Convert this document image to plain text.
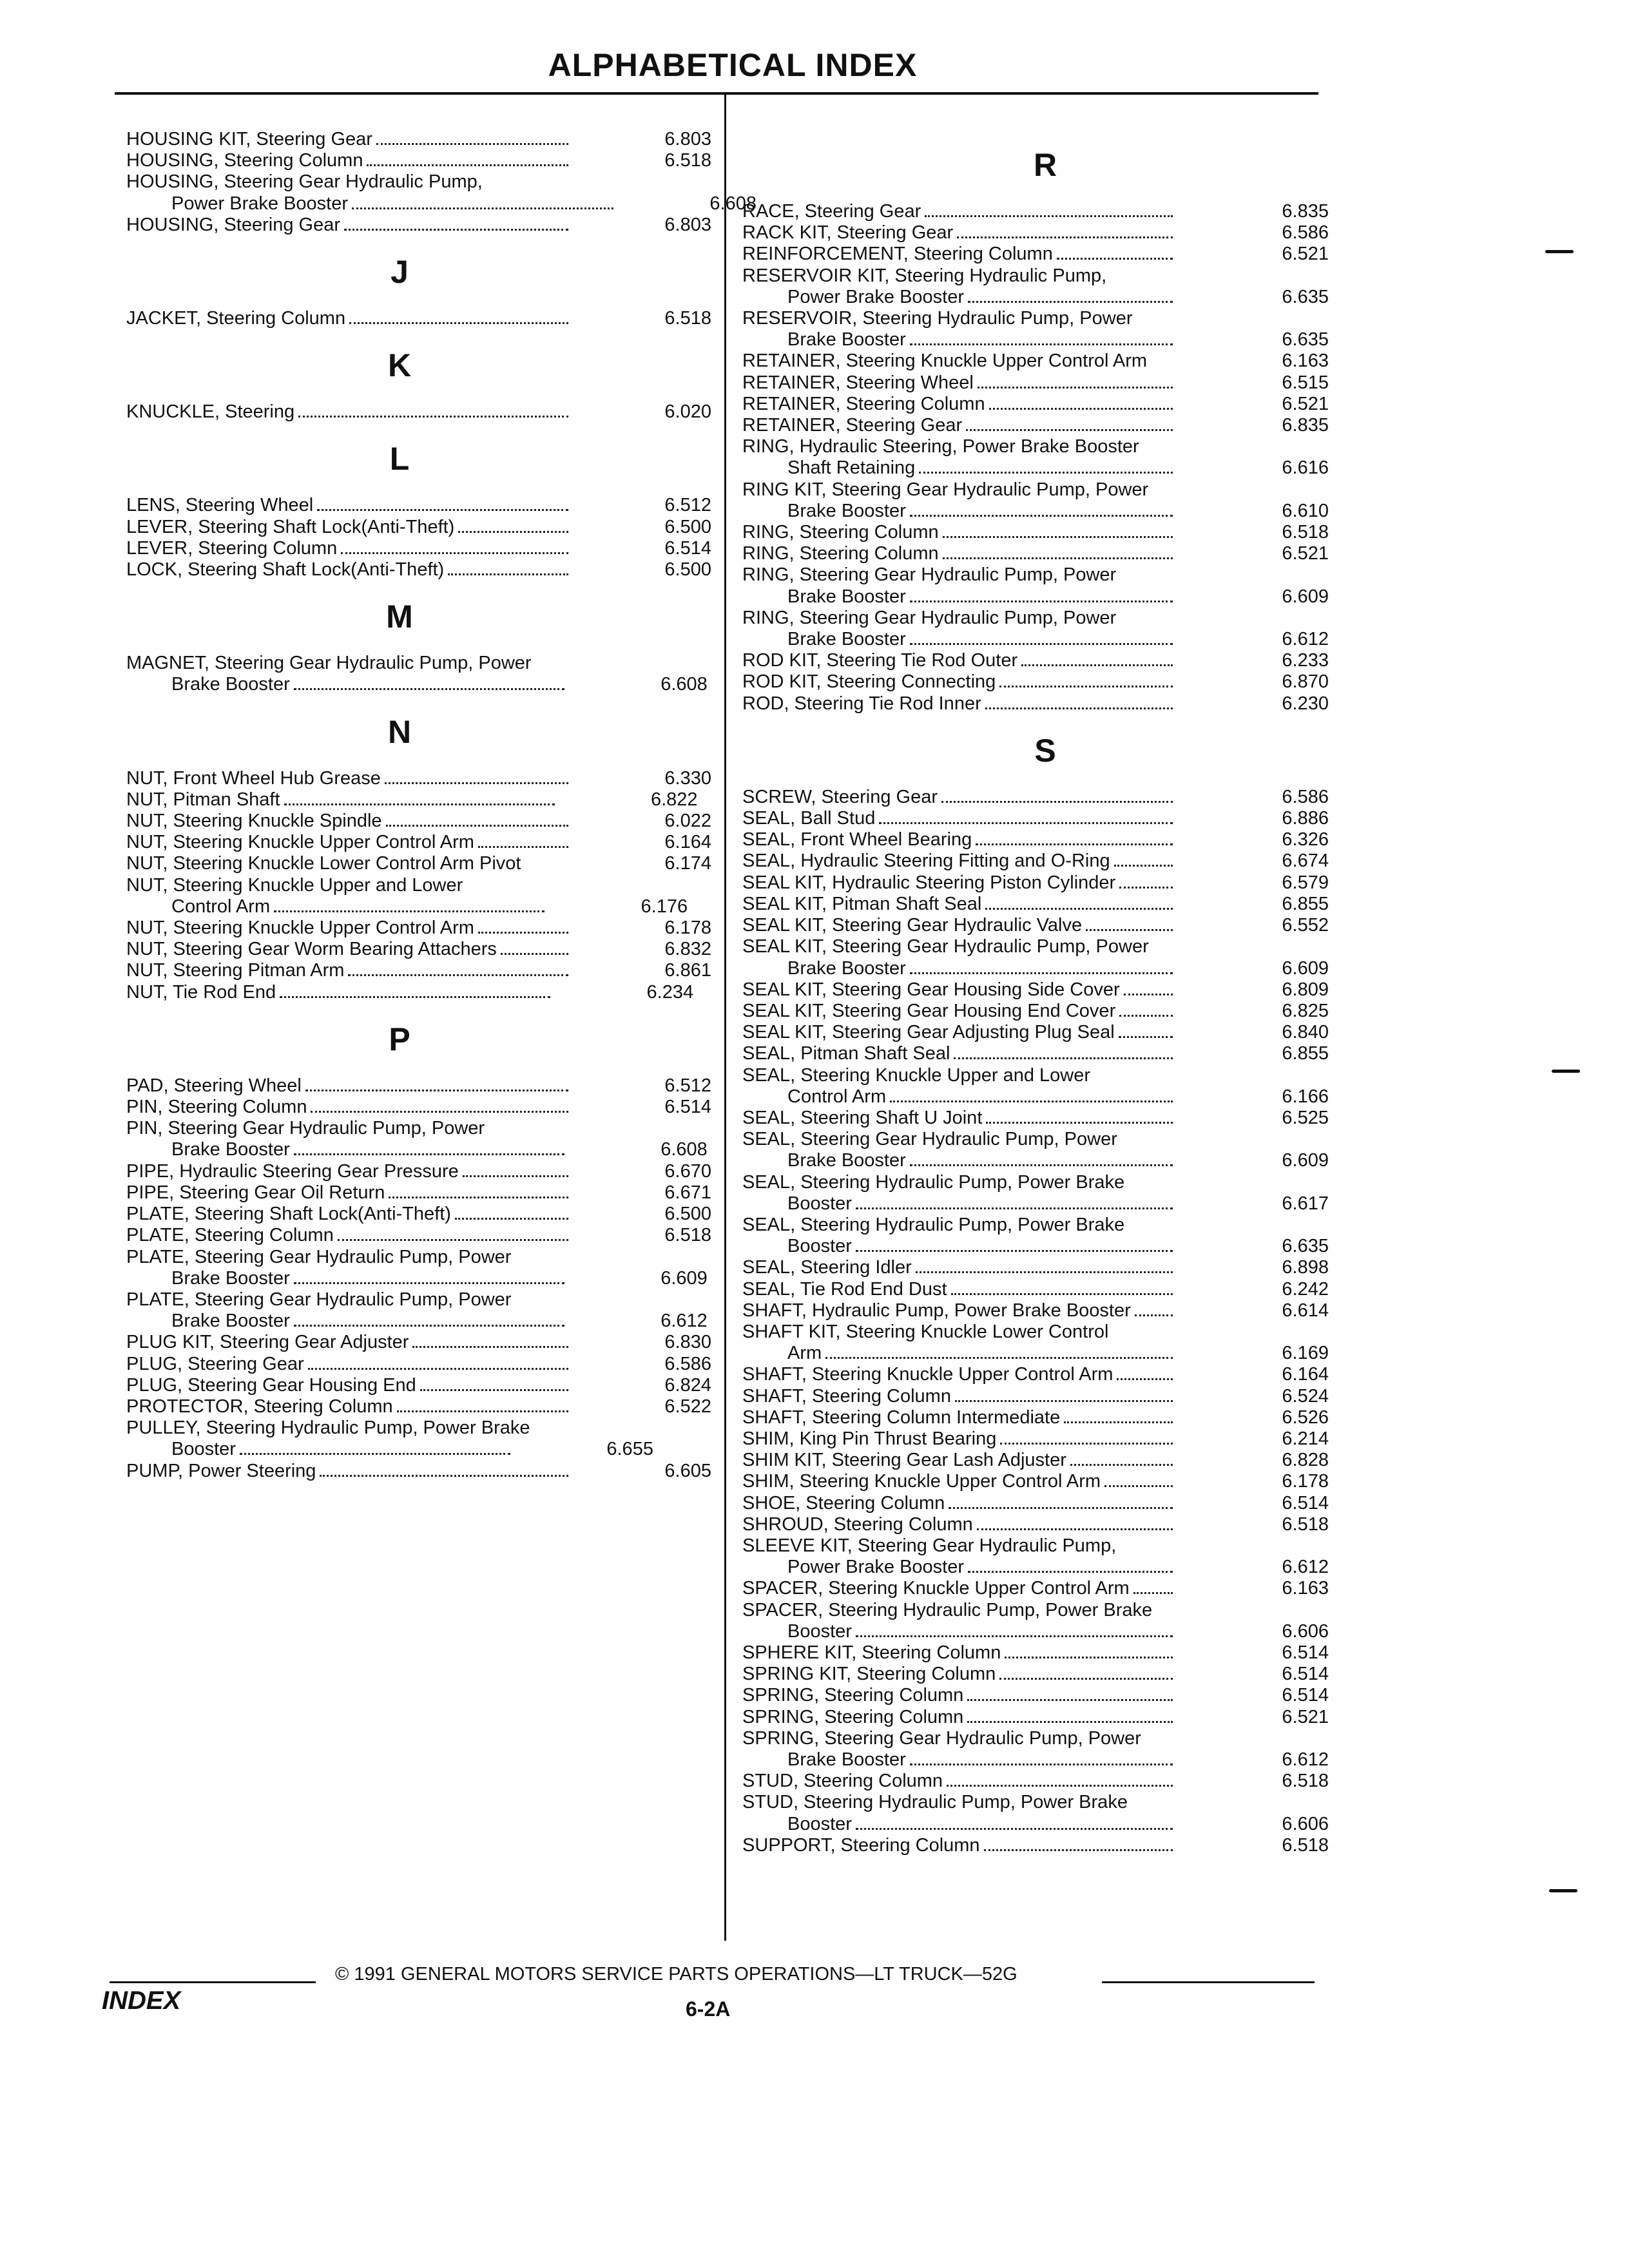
ALPHABETICAL INDEX
HOUSING KIT, Steering Gear	6.803
HOUSING, Steering Column	6.518
HOUSING, Steering Gear Hydraulic Pump,
Power Brake Booster	6.608
HOUSING, Steering Gear	6.803
J
JACKET, Steering Column	6.518
K
KNUCKLE, Steering	6.020
L
LENS, Steering Wheel	6.512
LEVER, Steering Shaft Lock(Anti-Theft)	6.500
LEVER, Steering Column	6.514
LOCK, Steering Shaft Lock(Anti-Theft)	6.500
M
MAGNET, Steering Gear Hydraulic Pump, Power
Brake Booster	6.608
N
NUT, Front Wheel Hub Grease	6.330
NUT, Pitman Shaft	6.822
NUT, Steering Knuckle Spindle	6.022
NUT, Steering Knuckle Upper Control Arm	6.164
NUT, Steering Knuckle Lower Control Arm Pivot	6.174
NUT, Steering Knuckle Upper and Lower
Control Arm	6.176
NUT, Steering Knuckle Upper Control Arm	6.178
NUT, Steering Gear Worm Bearing Attachers	6.832
NUT, Steering Pitman Arm	6.861
NUT, Tie Rod End	6.234
P
PAD, Steering Wheel	6.512
PIN, Steering Column	6.514
PIN, Steering Gear Hydraulic Pump, Power
Brake Booster	6.608
PIPE, Hydraulic Steering Gear Pressure	6.670
PIPE, Steering Gear Oil Return	6.671
PLATE, Steering Shaft Lock(Anti-Theft)	6.500
PLATE, Steering Column	6.518
PLATE, Steering Gear Hydraulic Pump, Power
Brake Booster	6.609
PLATE, Steering Gear Hydraulic Pump, Power
Brake Booster	6.612
PLUG KIT, Steering Gear Adjuster	6.830
PLUG, Steering Gear	6.586
PLUG, Steering Gear Housing End	6.824
PROTECTOR, Steering Column	6.522
PULLEY, Steering Hydraulic Pump, Power Brake
Booster	6.655
PUMP, Power Steering	6.605
R
RACE, Steering Gear	6.835
RACK KIT, Steering Gear	6.586
REINFORCEMENT, Steering Column	6.521
RESERVOIR KIT, Steering Hydraulic Pump,
Power Brake Booster	6.635
RESERVOIR, Steering Hydraulic Pump, Power
Brake Booster	6.635
RETAINER, Steering Knuckle Upper Control Arm	6.163
RETAINER, Steering Wheel	6.515
RETAINER, Steering Column	6.521
RETAINER, Steering Gear	6.835
RING, Hydraulic Steering, Power Brake Booster
Shaft Retaining	6.616
RING KIT, Steering Gear Hydraulic Pump, Power
Brake Booster	6.610
RING, Steering Column	6.518
RING, Steering Column	6.521
RING, Steering Gear Hydraulic Pump, Power
Brake Booster	6.609
RING, Steering Gear Hydraulic Pump, Power
Brake Booster	6.612
ROD KIT, Steering Tie Rod Outer	6.233
ROD KIT, Steering Connecting	6.870
ROD, Steering Tie Rod Inner	6.230
S
SCREW, Steering Gear	6.586
SEAL, Ball Stud	6.886
SEAL, Front Wheel Bearing	6.326
SEAL, Hydraulic Steering Fitting and O-Ring	6.674
SEAL KIT, Hydraulic Steering Piston Cylinder	6.579
SEAL KIT, Pitman Shaft Seal	6.855
SEAL KIT, Steering Gear Hydraulic Valve	6.552
SEAL KIT, Steering Gear Hydraulic Pump, Power
Brake Booster	6.609
SEAL KIT, Steering Gear Housing Side Cover	6.809
SEAL KIT, Steering Gear Housing End Cover	6.825
SEAL KIT, Steering Gear Adjusting Plug Seal	6.840
SEAL, Pitman Shaft Seal	6.855
SEAL, Steering Knuckle Upper and Lower
Control Arm	6.166
SEAL, Steering Shaft U Joint	6.525
SEAL, Steering Gear Hydraulic Pump, Power
Brake Booster	6.609
SEAL, Steering Hydraulic Pump, Power Brake
Booster	6.617
SEAL, Steering Hydraulic Pump, Power Brake
Booster	6.635
SEAL, Steering Idler	6.898
SEAL, Tie Rod End Dust	6.242
SHAFT, Hydraulic Pump, Power Brake Booster	6.614
SHAFT KIT, Steering Knuckle Lower Control
Arm	6.169
SHAFT, Steering Knuckle Upper Control Arm	6.164
SHAFT, Steering Column	6.524
SHAFT, Steering Column Intermediate	6.526
SHIM, King Pin Thrust Bearing	6.214
SHIM KIT, Steering Gear Lash Adjuster	6.828
SHIM, Steering Knuckle Upper Control Arm	6.178
SHOE, Steering Column	6.514
SHROUD, Steering Column	6.518
SLEEVE KIT, Steering Gear Hydraulic Pump,
Power Brake Booster	6.612
SPACER, Steering Knuckle Upper Control Arm	6.163
SPACER, Steering Hydraulic Pump, Power Brake
Booster	6.606
SPHERE KIT, Steering Column	6.514
SPRING KIT, Steering Column	6.514
SPRING, Steering Column	6.514
SPRING, Steering Column	6.521
SPRING, Steering Gear Hydraulic Pump, Power
Brake Booster	6.612
STUD, Steering Column	6.518
STUD, Steering Hydraulic Pump, Power Brake
Booster	6.606
SUPPORT, Steering Column	6.518
© 1991 GENERAL MOTORS SERVICE PARTS OPERATIONS—LT TRUCK—52G
INDEX	6-2A
